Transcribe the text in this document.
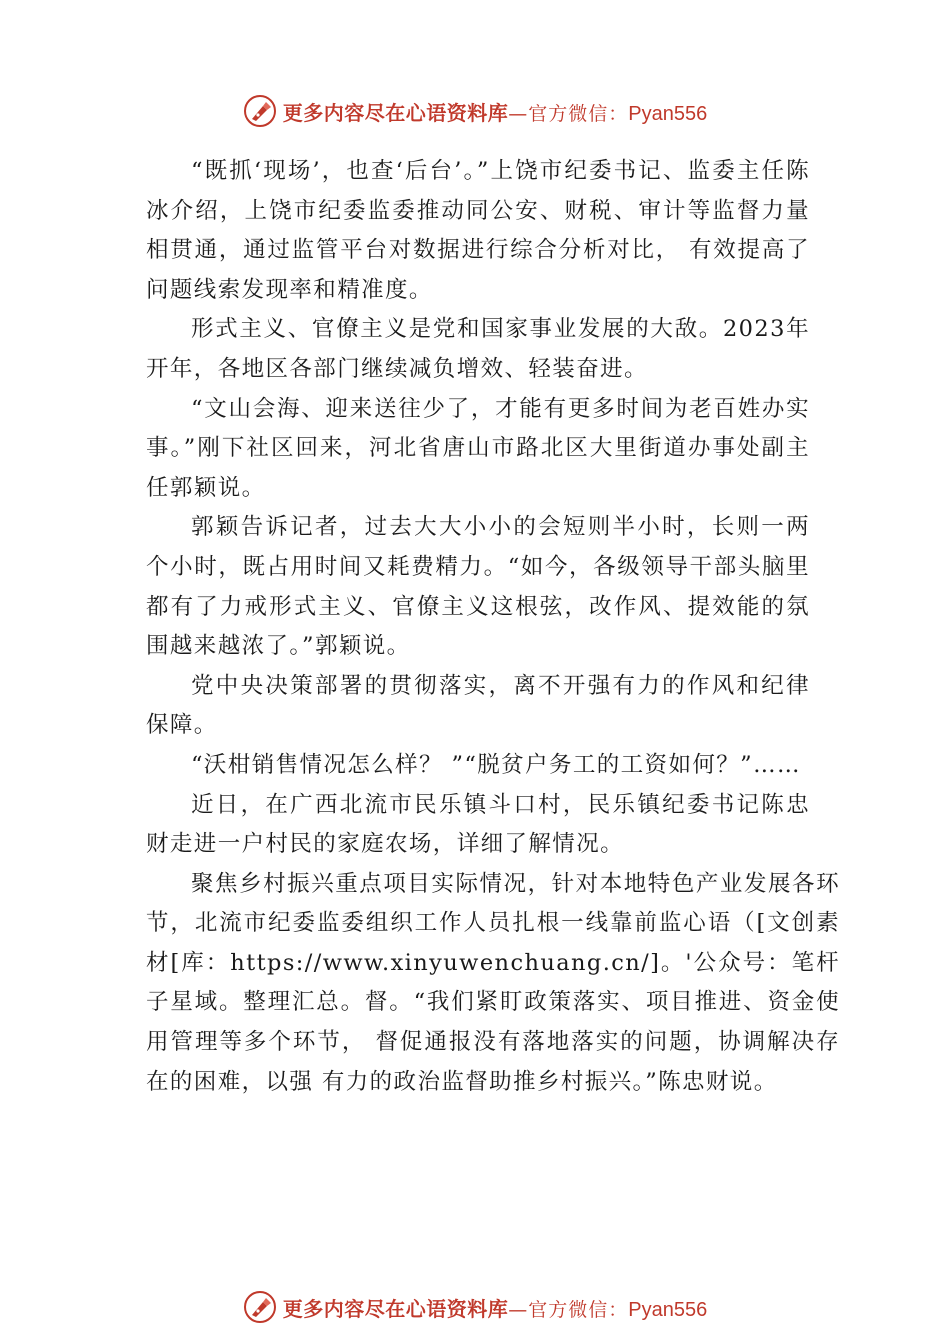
更多内容尽在心语资料库 —官方微信： Pyan556

“既抓‘现场’，也查‘后台’。”上饶市纪委书记、监委主任陈冰介绍，上饶市纪委监委推动同公安、财税、审计等监督力量相贯通，通过监管平台对数据进行综合分析对比， 有效提高了问题线索发现率和精准度。

形式主义、官僚主义是党和国家事业发展的大敌。2023年开年，各地区各部门继续减负增效、轻装奋进。

“文山会海、迎来送往少了，才能有更多时间为老百姓办实事。”刚下社区回来，河北省唐山市路北区大里街道办事处副主任郭颖说。

郭颖告诉记者，过去大大小小的会短则半小时，长则一两个小时，既占用时间又耗费精力。“如今，各级领导干部头脑里都有了力戒形式主义、官僚主义这根弦，改作风、提效能的氛围越来越浓了。”郭颖说。

党中央决策部署的贯彻落实，离不开强有力的作风和纪律保障。

“沃柑销售情况怎么样？ ”“脱贫户务工的工资如何？”……

近日，在广西北流市民乐镇斗口村，民乐镇纪委书记陈忠财走进一户村民的家庭农场，详细了解情况。

聚焦乡村振兴重点项目实际情况，针对本地特色产业发展各环节，北流市纪委监委组织工作人员扎根一线靠前监心语（[文创素材[库：https://www.xinyuwenchuang.cn/]。'公众号：笔杆子星域。整理汇总。督。“我们紧盯政策落实、项目推进、资金使用管理等多个环节， 督促通报没有落地落实的问题，协调解决存在的困难，以强 有力的政治监督助推乡村振兴。”陈忠财说。

更多内容尽在心语资料库 —官方微信： Pyan556
